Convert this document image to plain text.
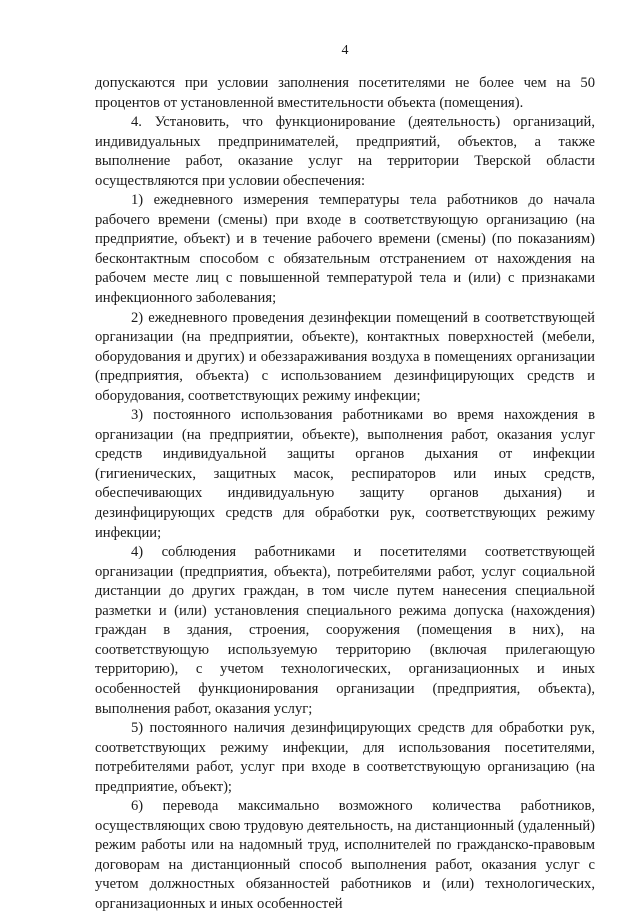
4

допускаются при условии заполнения посетителями не более чем на 50 процентов от установленной вместительности объекта (помещения).

4. Установить, что функционирование (деятельность) организаций, индивидуальных предпринимателей, предприятий, объектов, а также выполнение работ, оказание услуг на территории Тверской области осуществляются при условии обеспечения:

1) ежедневного измерения температуры тела работников до начала рабочего времени (смены) при входе в соответствующую организацию (на предприятие, объект) и в течение рабочего времени (смены) (по показаниям) бесконтактным способом с обязательным отстранением от нахождения на рабочем месте лиц с повышенной температурой тела и (или) с признаками инфекционного заболевания;

2) ежедневного проведения дезинфекции помещений в соответствующей организации (на предприятии, объекте), контактных поверхностей (мебели, оборудования и других) и обеззараживания воздуха в помещениях организации (предприятия, объекта) с использованием дезинфицирующих средств и оборудования, соответствующих режиму инфекции;

3) постоянного использования работниками во время нахождения в организации (на предприятии, объекте), выполнения работ, оказания услуг средств индивидуальной защиты органов дыхания от инфекции (гигиенических, защитных масок, респираторов или иных средств, обеспечивающих индивидуальную защиту органов дыхания) и дезинфицирующих средств для обработки рук, соответствующих режиму инфекции;

4) соблюдения работниками и посетителями соответствующей организации (предприятия, объекта), потребителями работ, услуг социальной дистанции до других граждан, в том числе путем нанесения специальной разметки и (или) установления специального режима допуска (нахождения) граждан в здания, строения, сооружения (помещения в них), на соответствующую используемую территорию (включая прилегающую территорию), с учетом технологических, организационных и иных особенностей функционирования организации (предприятия, объекта), выполнения работ, оказания услуг;

5) постоянного наличия дезинфицирующих средств для обработки рук, соответствующих режиму инфекции, для использования посетителями, потребителями работ, услуг при входе в соответствующую организацию (на предприятие, объект);

6) перевода максимально возможного количества работников, осуществляющих свою трудовую деятельность, на дистанционный (удаленный) режим работы или на надомный труд, исполнителей по гражданско-правовым договорам на дистанционный способ выполнения работ, оказания услуг с учетом должностных обязанностей работников и (или) технологических, организационных и иных особенностей
